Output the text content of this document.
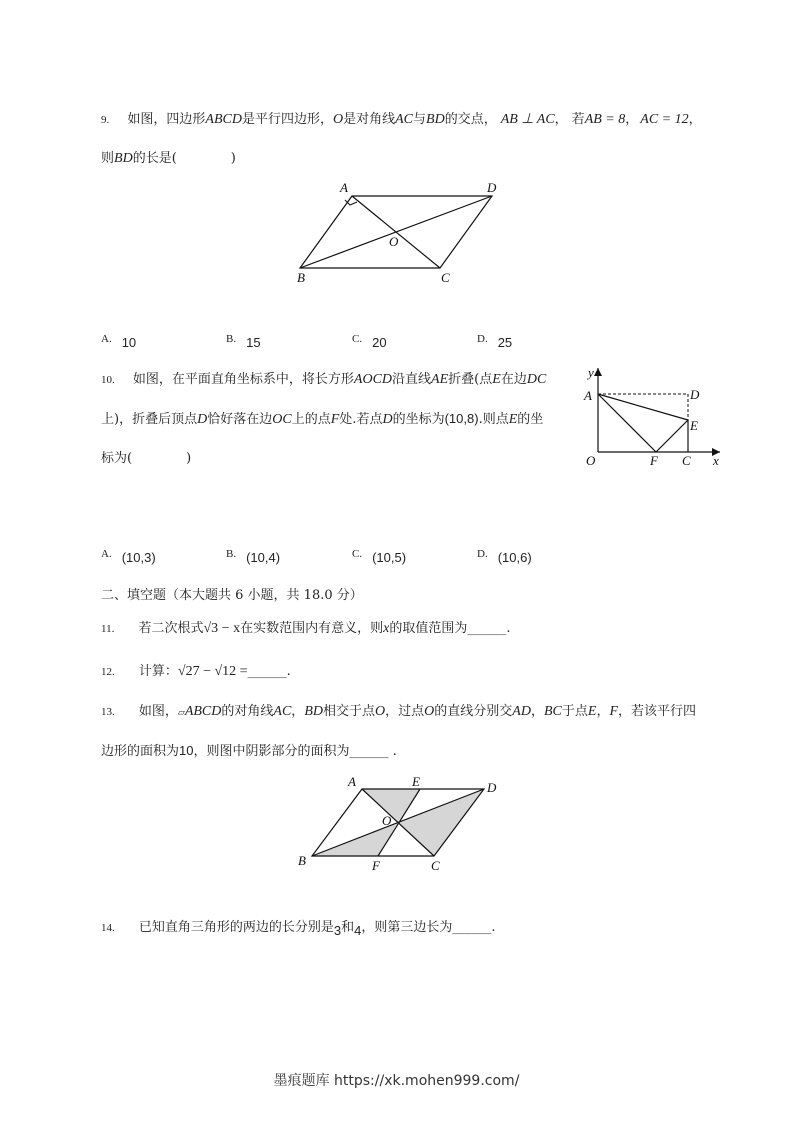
9. 如图，四边形ABCD是平行四边形，O是对角线AC与BD的交点， AB ⊥ AC， 若AB = 8， AC = 12，
则BD的长是(	)
A	D
O
B	C
A. 10	B. 15	C. 20	D. 25
10. 如图，在平面直角坐标系中，将长方形AOCD沿直线AE折叠(点E在边DC
上)，折叠后顶点D恰好落在边OC上的点F处.若点D的坐标为(10,8).则点E的坐
标为(	)
y
x
A	D
E
O	F C
A. (10,3)	B. (10,4)	C. (10,5)	D. (10,6)
二、填空题（本大题共 6 小题，共 18.0 分）
11. 若二次根式√3 − x在实数范围内有意义，则x的取值范围为______.
12. 计算：√27 − √12 =______.
13. 如图，▱ABCD的对角线AC，BD相交于点O，过点O的直线分别交AD，BC于点E，F，若该平行四
边形的面积为10，则图中阴影部分的面积为______ .
A	E	D
O
B	F	C
14. 已知直角三角形的两边的长分别是3和4，则第三边长为______.
墨痕题库 https://xk.mohen999.com/
